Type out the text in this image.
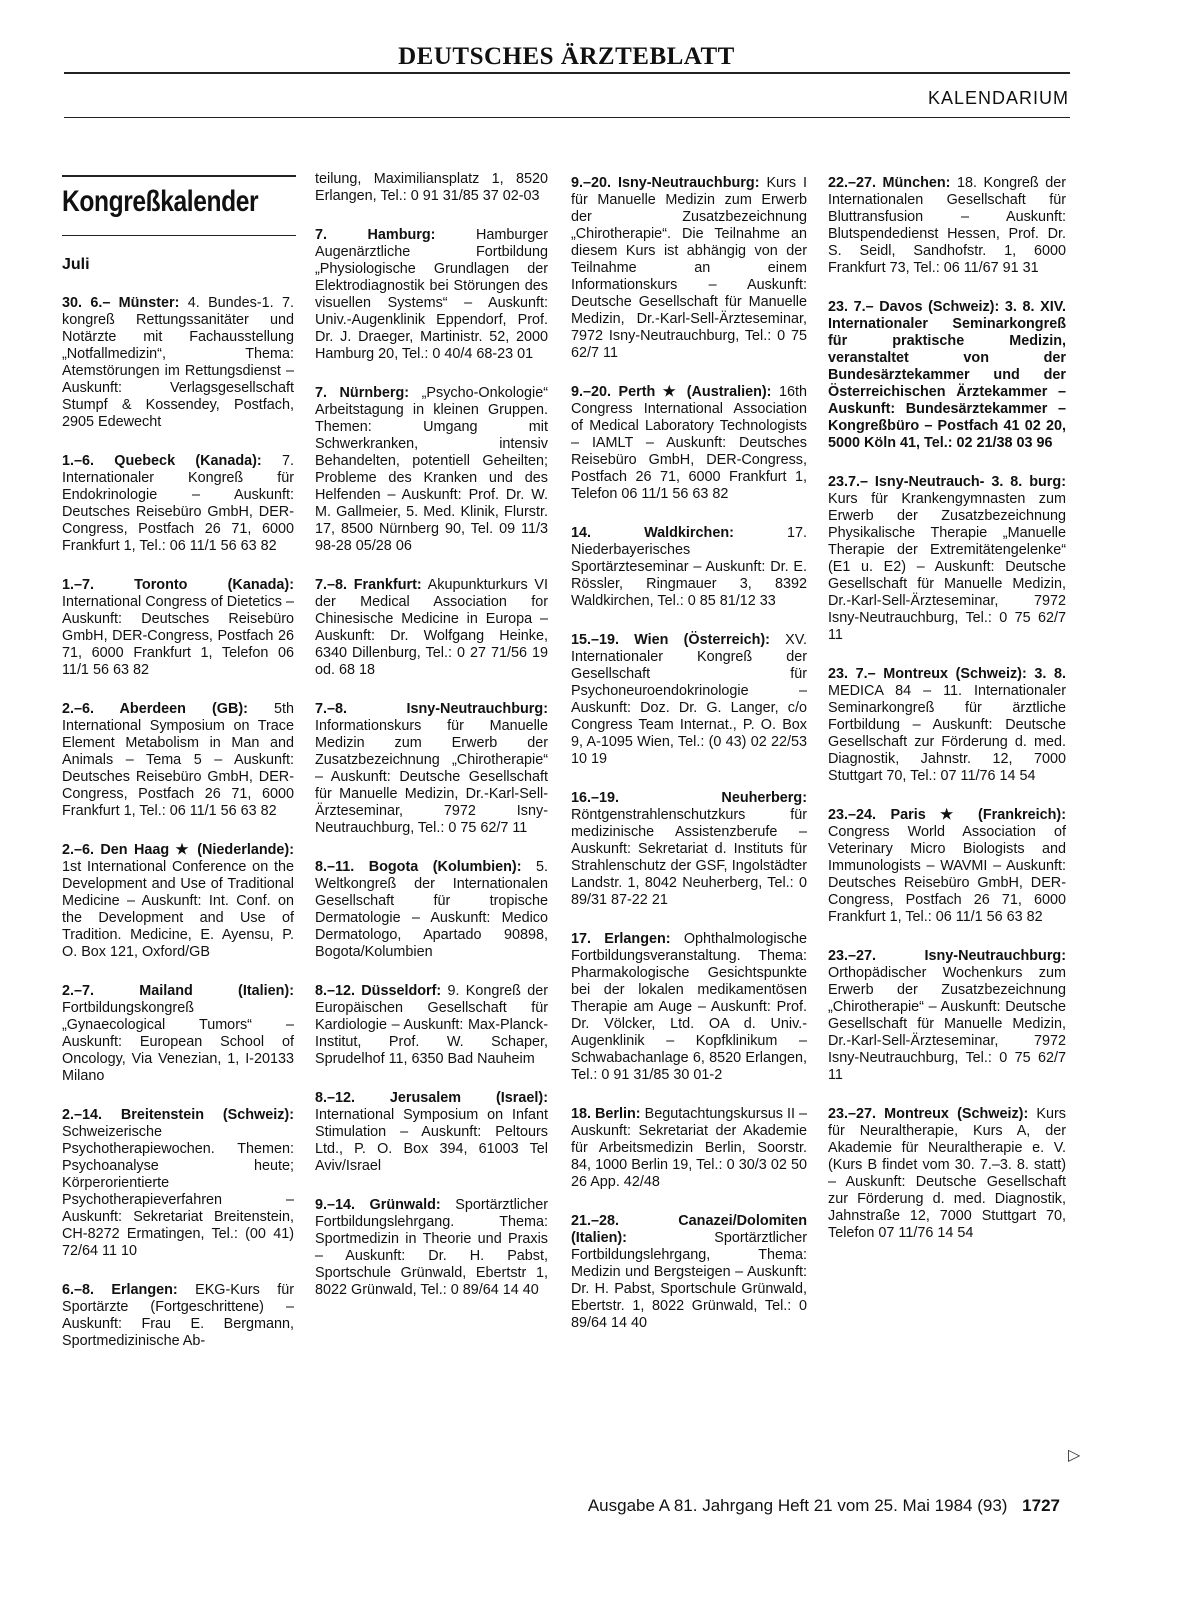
DEUTSCHES ÄRZTEBLATT
KALENDARIUM
Kongreßkalender
Juli
30. 6.– Münster: 4. Bundes-1. 7. kongreß Rettungssanitäter und Notärzte mit Fachausstellung „Notfallmedizin“, Thema: Atemstörungen im Rettungsdienst – Auskunft: Verlagsgesellschaft Stumpf & Kossendey, Postfach, 2905 Edewecht
1.–6. Quebeck (Kanada): 7. Internationaler Kongreß für Endokrinologie – Auskunft: Deutsches Reisebüro GmbH, DER-Congress, Postfach 26 71, 6000 Frankfurt 1, Tel.: 06 11/1 56 63 82
1.–7. Toronto (Kanada): International Congress of Dietetics – Auskunft: Deutsches Reisebüro GmbH, DER-Congress, Postfach 26 71, 6000 Frankfurt 1, Telefon 06 11/1 56 63 82
2.–6. Aberdeen (GB): 5th International Symposium on Trace Element Metabolism in Man and Animals – Tema 5 – Auskunft: Deutsches Reisebüro GmbH, DER-Congress, Postfach 26 71, 6000 Frankfurt 1, Tel.: 06 11/1 56 63 82
2.–6. Den Haag ★ (Niederlande): 1st International Conference on the Development and Use of Traditional Medicine – Auskunft: Int. Conf. on the Development and Use of Tradition. Medicine, E. Ayensu, P. O. Box 121, Oxford/GB
2.–7. Mailand (Italien): Fortbildungskongreß „Gynaecological Tumors“ – Auskunft: European School of Oncology, Via Venezian, 1, I-20133 Milano
2.–14. Breitenstein (Schweiz): Schweizerische Psychotherapiewochen. Themen: Psychoanalyse heute; Körperorientierte Psychotherapieverfahren – Auskunft: Sekretariat Breitenstein, CH-8272 Ermatingen, Tel.: (00 41) 72/64 11 10
6.–8. Erlangen: EKG-Kurs für Sportärzte (Fortgeschrittene) – Auskunft: Frau E. Bergmann, Sportmedizinische Ab-
teilung, Maximiliansplatz 1, 8520 Erlangen, Tel.: 0 91 31/85 37 02-03
7. Hamburg:	Hamburger Augenärztliche Fortbildung „Physiologische Grundlagen der Elektrodiagnostik bei Störungen des visuellen Systems“ – Auskunft: Univ.-Augenklinik Eppendorf, Prof. Dr. J. Draeger, Martinistr. 52, 2000 Hamburg 20, Tel.: 0 40/4 68-23 01
7. Nürnberg: „Psycho-Onkologie“ Arbeitstagung in kleinen Gruppen. Themen: Umgang mit Schwerkranken, intensiv Behandelten, potentiell Geheilten; Probleme des Kranken und des Helfenden – Auskunft: Prof. Dr. W. M. Gallmeier, 5. Med. Klinik, Flurstr. 17, 8500 Nürnberg 90, Tel. 09 11/3 98-28 05/28 06
7.–8. Frankfurt: Akupunkturkurs VI der Medical Association for Chinesische Medicine in Europa – Auskunft: Dr. Wolfgang Heinke, 6340 Dillenburg, Tel.: 0 27 71/56 19 od. 68 18
7.–8. Isny-Neutrauchburg: Informationskurs für Manuelle Medizin zum Erwerb der Zusatzbezeichnung „Chirotherapie“ – Auskunft: Deutsche Gesellschaft für Manuelle Medizin, Dr.-Karl-Sell-Ärzteseminar, 7972 Isny-Neutrauchburg, Tel.: 0 75 62/7 11
8.–11. Bogota (Kolumbien): 5. Weltkongreß der Internationalen Gesellschaft für tropische Dermatologie – Auskunft: Medico Dermatologo, Apartado 90898, Bogota/Kolumbien
8.–12. Düsseldorf: 9. Kongreß der Europäischen Gesellschaft für Kardiologie – Auskunft: Max-Planck-Institut, Prof. W. Schaper, Sprudelhof 11, 6350 Bad Nauheim
8.–12. Jerusalem (Israel): International Symposium on Infant Stimulation – Auskunft: Peltours Ltd., P. O. Box 394, 61003 Tel Aviv/Israel
9.–14. Grünwald: Sportärztlicher Fortbildungslehrgang. Thema: Sportmedizin in Theorie und Praxis – Auskunft: Dr. H. Pabst, Sportschule Grünwald, Ebertstr 1, 8022 Grünwald, Tel.: 0 89/64 14 40
9.–20. Isny-Neutrauchburg: Kurs I für Manuelle Medizin zum Erwerb der Zusatzbezeichnung „Chirotherapie“. Die Teilnahme an diesem Kurs ist abhängig von der Teilnahme an einem Informationskurs – Auskunft: Deutsche Gesellschaft für Manuelle Medizin, Dr.-Karl-Sell-Ärzteseminar, 7972 Isny-Neutrauchburg, Tel.: 0 75 62/7 11
9.–20. Perth ★ (Australien): 16th Congress International Association of Medical Laboratory Technologists – IAMLT – Auskunft: Deutsches Reisebüro GmbH, DER-Congress, Postfach 26 71, 6000 Frankfurt 1, Telefon 06 11/1 56 63 82
14. Waldkirchen:	17. Niederbayerisches Sportärzteseminar – Auskunft: Dr. E. Rössler, Ringmauer 3, 8392 Waldkirchen, Tel.: 0 85 81/12 33
15.–19. Wien (Österreich): XV. Internationaler Kongreß der Gesellschaft für Psychoneuroendokrinologie – Auskunft: Doz. Dr. G. Langer, c/o Congress Team Internat., P. O. Box 9, A-1095 Wien, Tel.: (0 43) 02 22/53 10 19
16.–19. Neuherberg: Röntgenstrahlenschutzkurs für medizinische Assistenzberufe – Auskunft: Sekretariat d. Instituts für Strahlenschutz der GSF, Ingolstädter Landstr. 1, 8042 Neuherberg, Tel.: 0 89/31 87-22 21
17. Erlangen: Ophthalmologische Fortbildungsveranstaltung. Thema: Pharmakologische Gesichtspunkte bei der lokalen medikamentösen Therapie am Auge – Auskunft: Prof. Dr. Völcker, Ltd. OA d. Univ.-Augenklinik – Kopfklinikum – Schwabachanlage 6, 8520 Erlangen, Tel.: 0 91 31/85 30 01-2
18. Berlin: Begutachtungskursus II – Auskunft: Sekretariat der Akademie für Arbeitsmedizin Berlin, Soorstr. 84, 1000 Berlin 19, Tel.: 0 30/3 02 50 26 App. 42/48
21.–28. Canazei/Dolomiten (Italien):	Sportärztlicher Fortbildungslehrgang, Thema: Medizin und Bergsteigen – Auskunft: Dr. H. Pabst, Sportschule Grünwald, Ebertstr. 1, 8022 Grünwald, Tel.: 0 89/64 14 40
22.–27. München: 18. Kongreß der Internationalen Gesellschaft für Bluttransfusion – Auskunft: Blutspendedienst Hessen, Prof. Dr. S. Seidl, Sandhofstr. 1, 6000 Frankfurt 73, Tel.: 06 11/67 91 31
23. 7.– Davos (Schweiz): 3. 8. XIV. Internationaler Seminarkongreß für praktische Medizin, veranstaltet von der Bundesärztekammer und der Österreichischen Ärztekammer – Auskunft: Bundesärztekammer – Kongreßbüro – Postfach 41 02 20, 5000 Köln 41, Tel.: 02 21/38 03 96
23.7.– Isny-Neutrauch- 3. 8. burg: Kurs für Krankengymnasten zum Erwerb der Zusatzbezeichnung Physikalische Therapie „Manuelle Therapie der Extremitätengelenke“ (E1 u. E2) – Auskunft: Deutsche Gesellschaft für Manuelle Medizin, Dr.-Karl-Sell-Ärzteseminar, 7972 Isny-Neutrauchburg, Tel.: 0 75 62/7 11
23. 7.– Montreux (Schweiz): 3. 8. MEDICA 84 – 11. Internationaler Seminarkongreß für ärztliche Fortbildung – Auskunft: Deutsche Gesellschaft zur Förderung d. med. Diagnostik, Jahnstr. 12, 7000 Stuttgart 70, Tel.: 07 11/76 14 54
23.–24. Paris ★ (Frankreich): Congress World Association of Veterinary Micro Biologists and Immunologists – WAVMI – Auskunft: Deutsches Reisebüro GmbH, DER-Congress, Postfach 26 71, 6000 Frankfurt 1, Tel.: 06 11/1 56 63 82
23.–27. Isny-Neutrauchburg: Orthopädischer Wochenkurs zum Erwerb der Zusatzbezeichnung „Chirotherapie“ – Auskunft: Deutsche Gesellschaft für Manuelle Medizin, Dr.-Karl-Sell-Ärzteseminar, 7972 Isny-Neutrauchburg, Tel.: 0 75 62/7 11
23.–27. Montreux (Schweiz): Kurs für Neuraltherapie, Kurs A, der Akademie für Neuraltherapie e. V. (Kurs B findet vom 30. 7.–3. 8. statt) – Auskunft: Deutsche Gesellschaft zur Förderung d. med. Diagnostik, Jahnstraße 12, 7000 Stuttgart 70, Telefon 07 11/76 14 54
▷
Ausgabe A 81. Jahrgang Heft 21 vom 25. Mai 1984 (93) 1727
